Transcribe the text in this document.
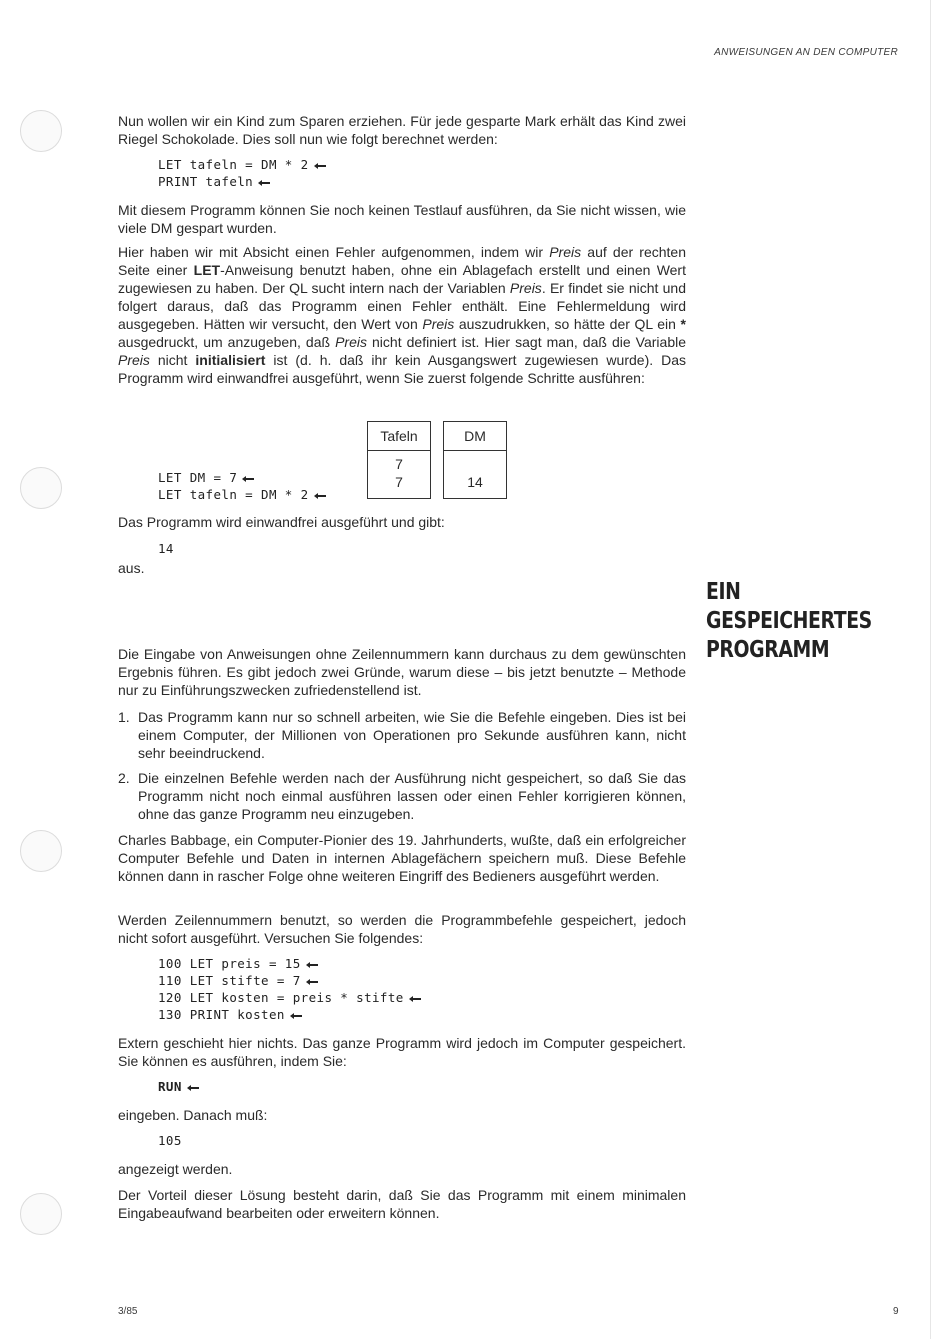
ANWEISUNGEN AN DEN COMPUTER

Nun wollen wir ein Kind zum Sparen erziehen. Für jede gesparte Mark erhält das Kind zwei Riegel Schokolade. Dies soll nun wie folgt berechnet werden:

LET tafeln = DM * 2
PRINT tafeln

Mit diesem Programm können Sie noch keinen Testlauf ausführen, da Sie nicht wissen, wie viele DM gespart wurden.

Hier haben wir mit Absicht einen Fehler aufgenommen, indem wir Preis auf der rechten Seite einer LET-Anweisung benutzt haben, ohne ein Ablagefach erstellt und einen Wert zugewiesen zu haben. Der QL sucht intern nach der Variablen Preis. Er findet sie nicht und folgert daraus, daß das Programm einen Fehler enthält. Eine Fehlermeldung wird ausgegeben. Hätten wir versucht, den Wert von Preis auszudrukken, so hätte der QL ein * ausgedruckt, um anzugeben, daß Preis nicht definiert ist. Hier sagt man, daß die Variable Preis nicht initialisiert ist (d. h. daß ihr kein Ausgangswert zugewiesen wurde). Das Programm wird einwandfrei ausgeführt, wenn Sie zuerst folgende Schritte ausführen:

Tafeln
7
7
DM
14
LET DM = 7
LET tafeln = DM * 2

Das Programm wird einwandfrei ausgeführt und gibt:

14

aus.

EIN
GESPEICHERTES
PROGRAMM

Die Eingabe von Anweisungen ohne Zeilennummern kann durchaus zu dem gewünschten Ergebnis führen. Es gibt jedoch zwei Gründe, warum diese – bis jetzt benutzte – Methode nur zu Einführungszwecken zufriedenstellend ist.

1. Das Programm kann nur so schnell arbeiten, wie Sie die Befehle eingeben. Dies ist bei einem Computer, der Millionen von Operationen pro Sekunde ausführen kann, nicht sehr beeindruckend.
2. Die einzelnen Befehle werden nach der Ausführung nicht gespeichert, so daß Sie das Programm nicht noch einmal ausführen lassen oder einen Fehler korrigieren können, ohne das ganze Programm neu einzugeben.

Charles Babbage, ein Computer-Pionier des 19. Jahrhunderts, wußte, daß ein erfolgreicher Computer Befehle und Daten in internen Ablagefächern speichern muß. Diese Befehle können dann in rascher Folge ohne weiteren Eingriff des Bedieners ausgeführt werden.

Werden Zeilennummern benutzt, so werden die Programmbefehle gespeichert, jedoch nicht sofort ausgeführt. Versuchen Sie folgendes:

100 LET preis = 15
110 LET stifte = 7
120 LET kosten = preis * stifte
130 PRINT kosten

Extern geschieht hier nichts. Das ganze Programm wird jedoch im Computer gespeichert. Sie können es ausführen, indem Sie:

RUN

eingeben. Danach muß:

105

angezeigt werden.

Der Vorteil dieser Lösung besteht darin, daß Sie das Programm mit einem minimalen Eingabeaufwand bearbeiten oder erweitern können.

3/85	9
